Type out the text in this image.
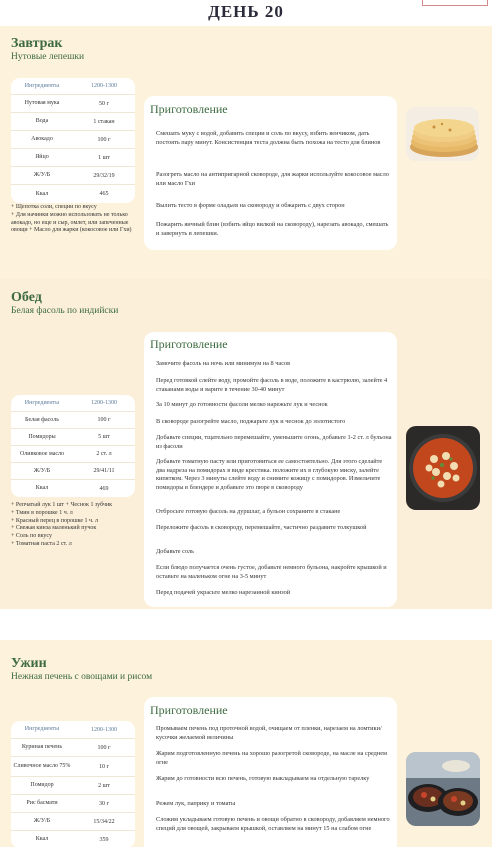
ДЕНЬ 20
Завтрак
Нутовые лепешки
Ингредиенты	1200-1300
Нутовая мука	50 г
Вода	1 стакан
Авокадо	100 г
Яйцо	1 шт
Ж/У/Б	29/32/19
Ккал	465
+ Щепотка соли, специи по вкусу
+ Для начинки можно использовать не только авокадо, но еще и сыр, омлет, или запеченные овощи + Масло для жарки (кокосовое или Гхи)
Приготовление
Смешать муку с водой, добавить специи и соль по вкусу, взбить венчиком, дать постоять пару минут. Консистенция теста должна быть похожа на тесто для блинов
Разогреть масло на антипригарной сковороде, для жарки используйте кокосовое масло или масло Гхи
Вылить тесто в форме оладьев на сковороду и обжарить с двух сторон
Пожарить яичный блин (взбить яйцо вилкой на сковороду), нарезать авокадо, смешать и завернуть в лепешки.
Обед
Белая фасоль по индийски
Ингредиенты	1200-1300
Белая фасоль	100 г
Помидоры	5 шт
Оливковое масло	2 ст. л
Ж/У/Б	29/41/11
Ккал	469
+ Репчатый лук 1 шт + Чеснок 1 зубчик
+ Тмин в порошке 1 ч. л
+ Красный перец в порошке 1 ч. л
+ Свежая кинза маленький пучок
+ Соль по вкусу
+ Томатная паста 2 ст. л
Приготовление
Замочите фасоль на ночь или минимум на 8 часов
Перед готовкой слейте воду, промойте фасоль в воде, положите в кастрюлю, залейте 4 стаканами воды и варите в течение 30-40 минут
За 10 минут до готовности фасоли мелко нарежьте лук и чеснок
В сковороде разогрейте масло, поджарьте лук и чеснок до золотистого
Добавьте специи, тщательно перемешайте, уменьшите огонь, добавьте 1-2 ст. л бульона из фасоли
Добавьте томатную пасту или приготовиться ее самостоятельно. Для этого сделайте два надреза на помидорах в виде крестика. положите их в глубокую миску, залейте кипятком. Через 3 минуты слейте воду и снимите кожицу с помидоров. Измельчите помидоры в блендере и добавьте это пюре в сковороду
Отбросьте готовую фасоль на дуршлаг, а бульон сохраните в стакане
Переложите фасоль в сковороду, перемешайте, частично раздавите толкушкой
Добавьте соль
Если блюдо получается очень густое, добавьте немного бульона, накройте крышкой и оставьте на маленьком огне на 3-5 минут
Перед подачей украсьте мелко нарезанной кинзой
Ужин
Нежная печень с овощами и рисом
Ингредиенты	1200-1300
Куриная печень	100 г
Сливочное масло 75%	10 г
Помидор	2 шт
Рис басмати	30 г
Ж/У/Б	15/34/22
Ккал	359
Приготовление
Промываем печень под проточной водой, очищаем от пленки, нарезаем на ломтики/кусочки желаемой величины
Жарим подготовленную печень на хорошо разогретой сковороде, на масле на среднем огне
Жарим до готовности всю печень, готовую выкладываем на отдельную тарелку
Режем лук, паприку и томаты
Сложим укладываем готовую печень и овощи обратно в сковороду, добавляем немного специй для овощей, закрываем крышкой, оставляем на минут 15 на слабом огне
